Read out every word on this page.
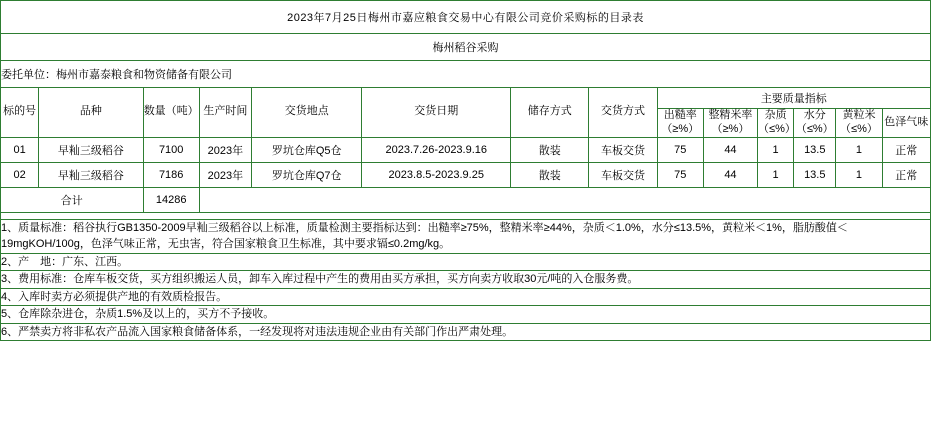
2023年7月25日梅州市嘉应粮食交易中心有限公司竞价采购标的目录表													
梅州稻谷采购													
委托单位：梅州市嘉泰粮食和物资储备有限公司													
标的号	品种	数量（吨）	生产时间	交货地点	交货日期	储存方式	交货方式	主要质量指标					
								出糙率（≥%）	整精米率（≥%）	杂质（≤%）	水分（≤%）	黄粒米（≤%）	色泽气味
01	早籼三级稻谷	7100	2023年	罗坑仓库Q5仓	2023.7.26-2023.9.16	散装	车板交货	75	44	1	13.5	1	正常
02	早籼三级稻谷	7186	2023年	罗坑仓库Q7仓	2023.8.5-2023.9.25	散装	车板交货	75	44	1	13.5	1	正常
合计		14286											

1、质量标准：稻谷执行GB1350-2009早籼三级稻谷以上标准，质量检测主要指标达到：出糙率≥75%，整精米率≥44%，杂质＜1.0%，水分≤13.5%，黄粒米＜1%，脂肪酸值＜19mgKOH/100g，色泽气味正常，无虫害，符合国家粮食卫生标准，其中要求镉≤0.2mg/kg。													
2、产　地：广东、江西。													
3、费用标准：仓库车板交货，买方组织搬运人员，卸车入库过程中产生的费用由买方承担，买方向卖方收取30元/吨的入仓服务费。													
4、入库时卖方必须提供产地的有效质检报告。													
5、仓库除杂进仓，杂质1.5%及以上的，买方不予接收。													
6、严禁卖方将非私农产品流入国家粮食储备体系，一经发现将对违法违规企业由有关部门作出严肃处理。													
